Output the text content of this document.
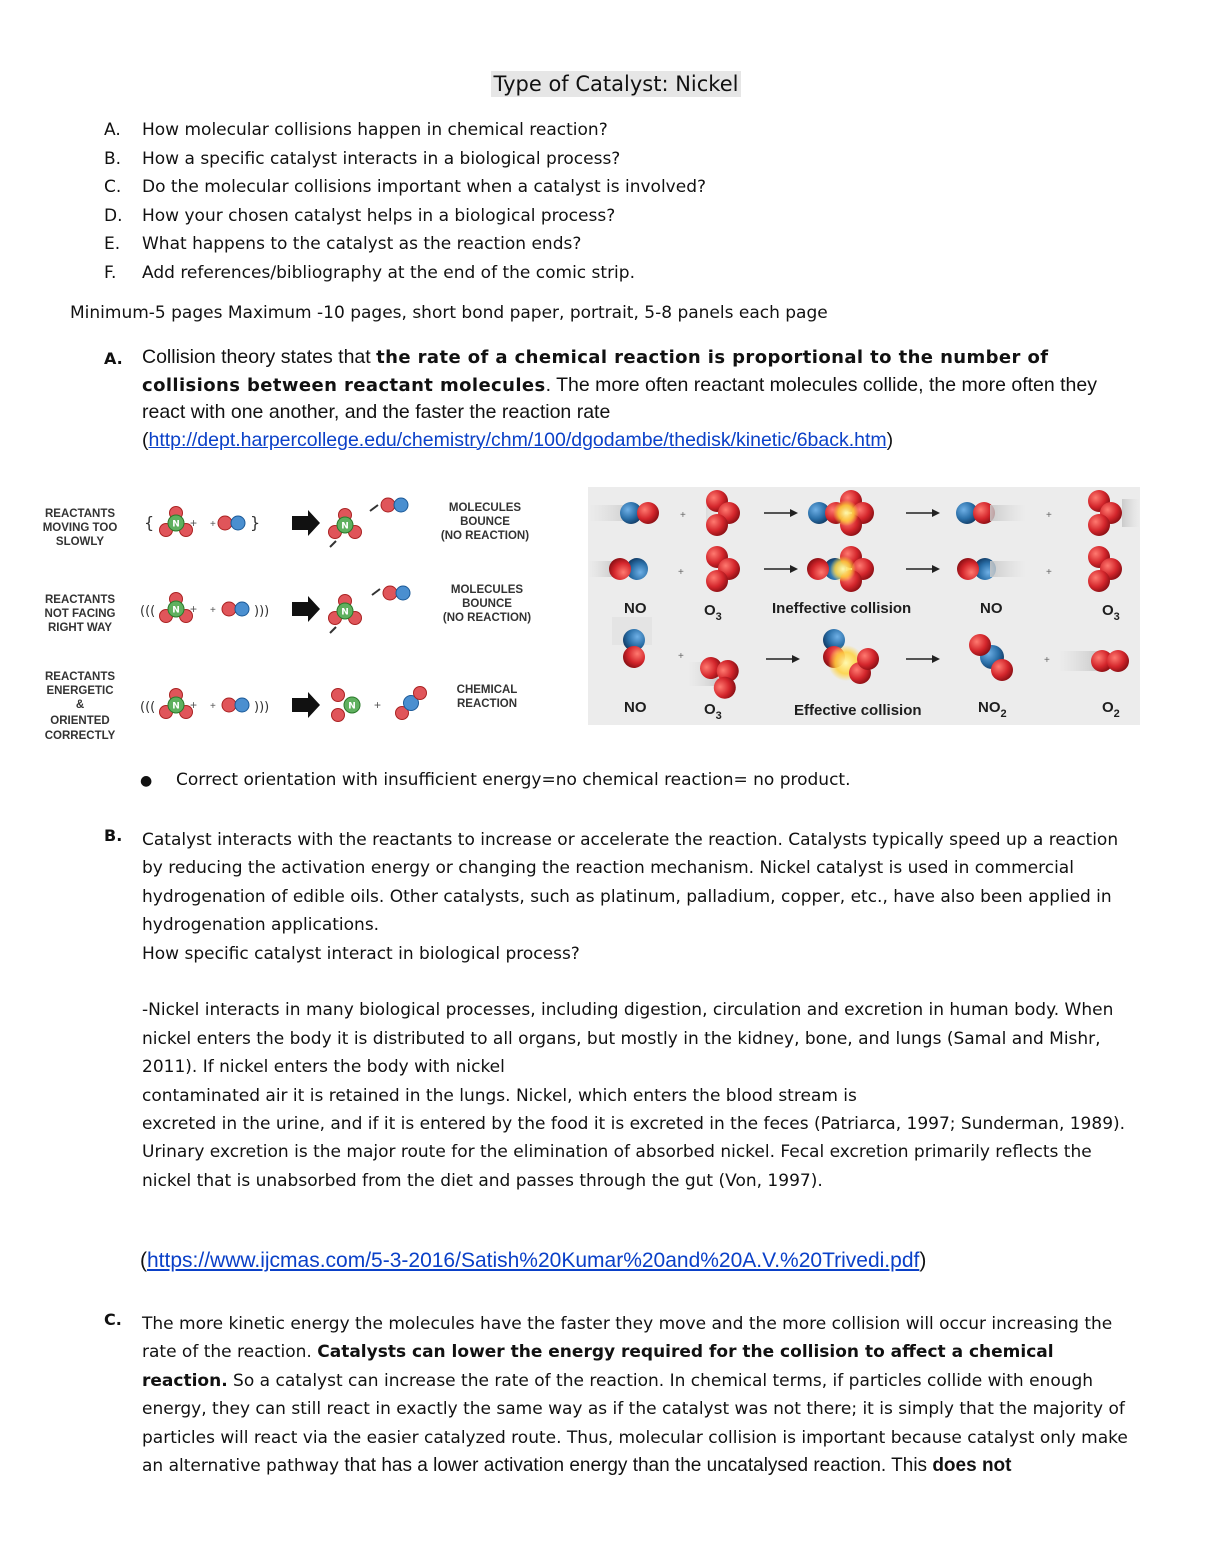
Type of Catalyst: Nickel
A.	How molecular collisions happen in chemical reaction?
B.	How a specific catalyst interacts in a biological process?
C.	Do the molecular collisions important when a catalyst is involved?
D.	How your chosen catalyst helps in a biological process?
E.	What happens to the catalyst as the reaction ends?
F.	Add references/bibliography at the end of the comic strip.
Minimum-5 pages Maximum -10 pages, short bond paper, portrait, 5-8 panels each page
A. Collision theory states that the rate of a chemical reaction is proportional to the number of collisions between reactant molecules. The more often reactant molecules collide, the more often they react with one another, and the faster the reaction rate (http://dept.harpercollege.edu/chemistry/chm/100/dgodambe/thedisk/kinetic/6back.htm)
N
REACTANTS
MOVING TOO
SLOWLY
{	+ + }
MOLECULES
BOUNCE
(NO REACTION)
REACTANTS
NOT FACING
RIGHT WAY
(((	+ +	)))
MOLECULES
BOUNCE
(NO REACTION)
REACTANTS
ENERGETIC
&
ORIENTED
CORRECTLY
(((	+ +	)))	N +
CHEMICAL
REACTION
+	+
+	+
NO	$O_3$	Ineffective collision	NO	$O_3$
+	+
NO	$O_3$	Effective collision	$NO_2$	$O_2$
● Correct orientation with insufficient energy=no chemical reaction= no product.
B. Catalyst interacts with the reactants to increase or accelerate the reaction. Catalysts typically speed up a reaction by reducing the activation energy or changing the reaction mechanism. Nickel catalyst is used in commercial hydrogenation of edible oils. Other catalysts, such as platinum, palladium, copper, etc., have also been applied in hydrogenation applications.
How specific catalyst interact in biological process?
-Nickel interacts in many biological processes, including digestion, circulation and excretion in human body. When nickel enters the body it is distributed to all organs, but mostly in the kidney, bone, and lungs (Samal and Mishr, 2011). If nickel enters the body with nickel
contaminated air it is retained in the lungs. Nickel, which enters the blood stream is
excreted in the urine, and if it is entered by the food it is excreted in the feces (Patriarca, 1997; Sunderman, 1989). Urinary excretion is the major route for the elimination of absorbed nickel. Fecal excretion primarily reflects the nickel that is unabsorbed from the diet and passes through the gut (Von, 1997).
(https://www.ijcmas.com/5-3-2016/Satish%20Kumar%20and%20A.V.%20Trivedi.pdf)
C. The more kinetic energy the molecules have the faster they move and the more collision will occur increasing the rate of the reaction. Catalysts can lower the energy required for the collision to affect a chemical reaction. So a catalyst can increase the rate of the reaction. In chemical terms, if particles collide with enough energy, they can still react in exactly the same way as if the catalyst was not there; it is simply that the majority of particles will react via the easier catalyzed route. Thus, molecular collision is important because catalyst only make an alternative pathway that has a lower activation energy than the uncatalysed reaction. This does not
